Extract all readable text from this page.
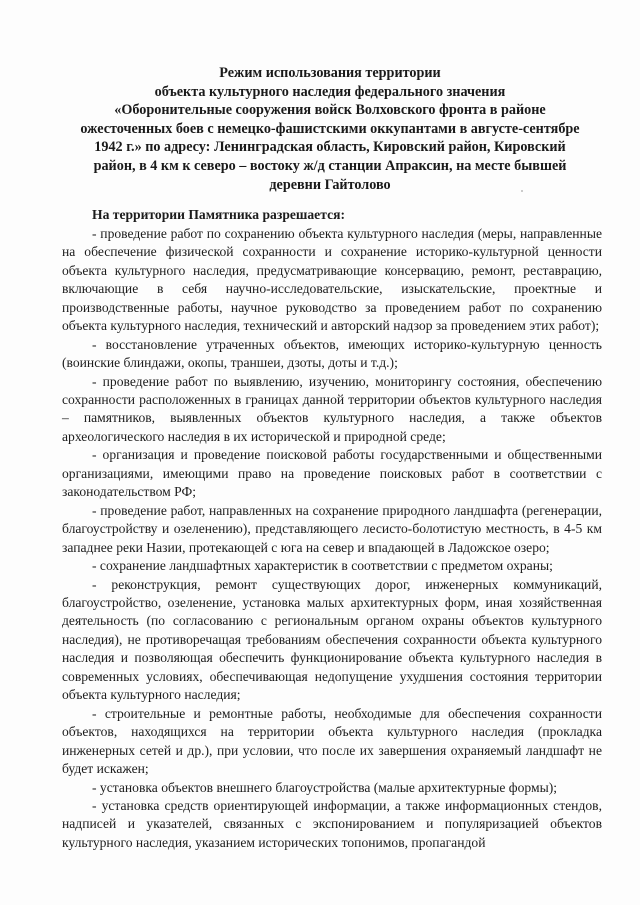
Режим использования территории
объекта культурного наследия федерального значения
«Оборонительные сооружения войск Волховского фронта в районе
ожесточенных боев с немецко-фашистскими оккупантами в августе-сентябре
1942 г.» по адресу: Ленинградская область, Кировский район, Кировский
район, в 4 км к северо – востоку ж/д станции Апраксин, на месте бывшей
деревни Гайтолово
На территории Памятника разрешается:

- проведение работ по сохранению объекта культурного наследия (меры, направленные на обеспечение физической сохранности и сохранение историко-культурной ценности объекта культурного наследия, предусматривающие консервацию, ремонт, реставрацию, включающие в себя научно-исследовательские, изыскательские, проектные и производственные работы, научное руководство за проведением работ по сохранению объекта культурного наследия, технический и авторский надзор за проведением этих работ);

- восстановление утраченных объектов, имеющих историко-культурную ценность (воинские блиндажи, окопы, траншеи, дзоты, доты и т.д.);

- проведение работ по выявлению, изучению, мониторингу состояния, обеспечению сохранности расположенных в границах данной территории объектов культурного наследия – памятников, выявленных объектов культурного наследия, а также объектов археологического наследия в их исторической и природной среде;

- организация и проведение поисковой работы государственными и общественными организациями, имеющими право на проведение поисковых работ в соответствии с законодательством РФ;

- проведение работ, направленных на сохранение природного ландшафта (регенерации, благоустройству и озеленению), представляющего лесисто-болотистую местность, в 4-5 км западнее реки Назии, протекающей с юга на север и впадающей в Ладожское озеро;

- сохранение ландшафтных характеристик в соответствии с предметом охраны;

- реконструкция, ремонт существующих дорог, инженерных коммуникаций, благоустройство, озеленение, установка малых архитектурных форм, иная хозяйственная деятельность (по согласованию с региональным органом охраны объектов культурного наследия), не противоречащая требованиям обеспечения сохранности объекта культурного наследия и позволяющая обеспечить функционирование объекта культурного наследия в современных условиях, обеспечивающая недопущение ухудшения состояния территории объекта культурного наследия;

- строительные и ремонтные работы, необходимые для обеспечения сохранности объектов, находящихся на территории объекта культурного наследия (прокладка инженерных сетей и др.), при условии, что после их завершения охраняемый ландшафт не будет искажен;

- установка объектов внешнего благоустройства (малые архитектурные формы);

- установка средств ориентирующей информации, а также информационных стендов, надписей и указателей, связанных с экспонированием и популяризацией объектов культурного наследия, указанием исторических топонимов, пропагандой
